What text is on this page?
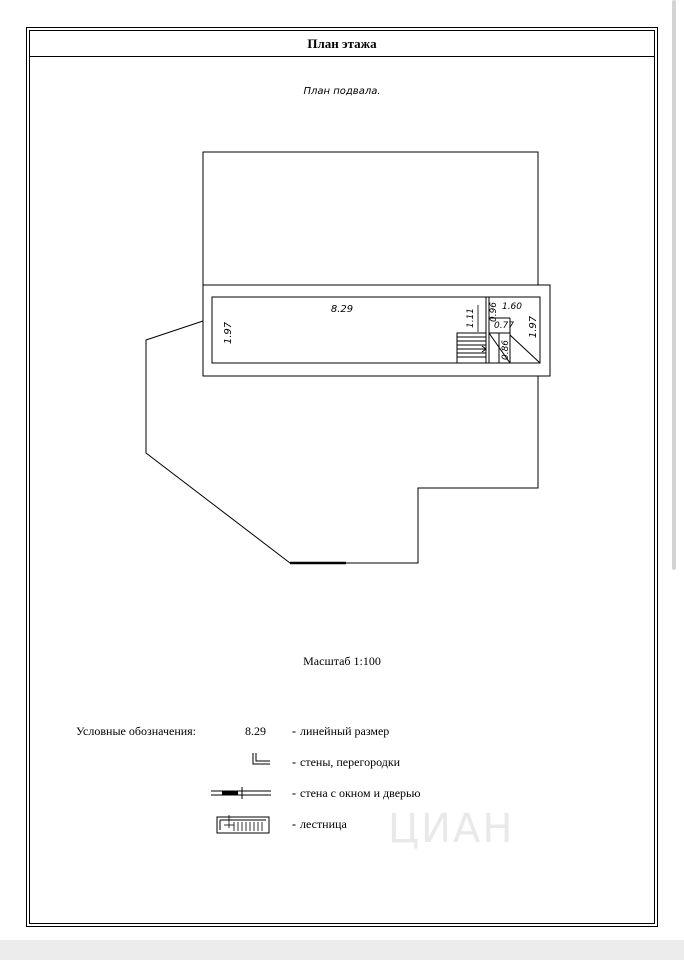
План этажа
План подвала.
8.29
1.97	1.97
1.11 0.96 1.60
0.77
0.86
Масштаб 1:100
Условные обозначения:	8.29 - линейный размер
- стены, перегородки
- стена с окном и дверью
- лестница ЦИАН
